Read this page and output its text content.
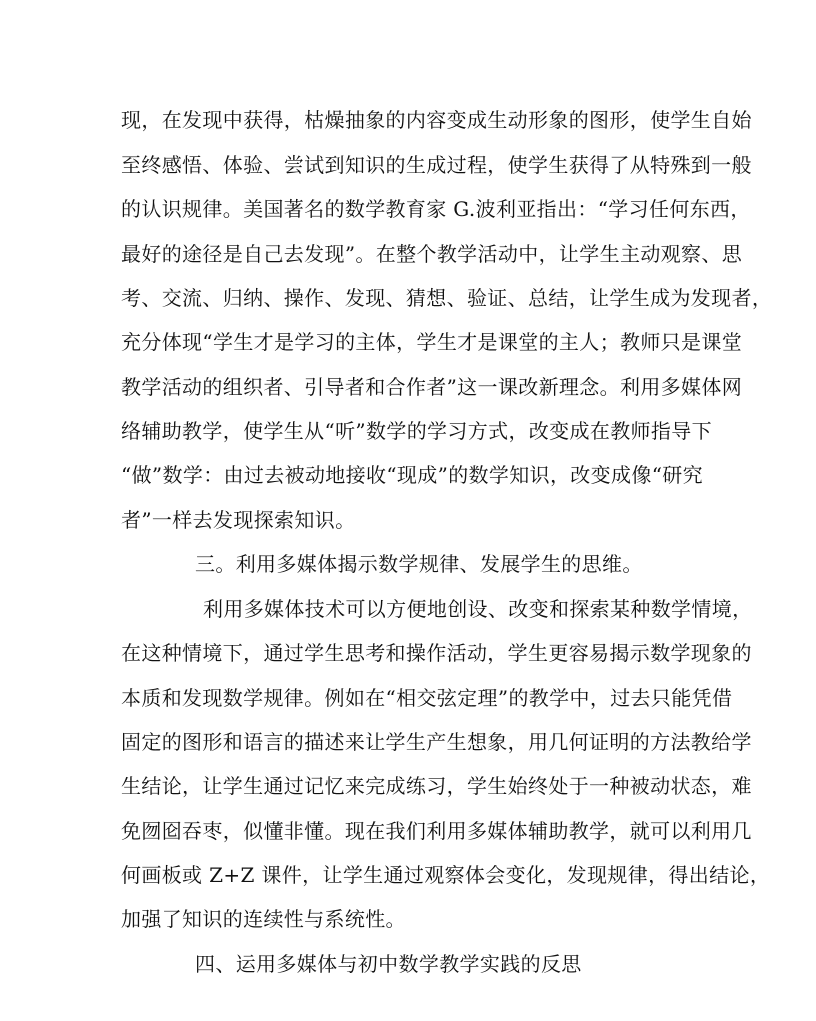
现，在发现中获得，枯燥抽象的内容变成生动形象的图形，使学生自始
至终感悟、体验、尝试到知识的生成过程，使学生获得了从特殊到一般
的认识规律。美国著名的数学教育家 G.波利亚指出：“学习任何东西，
最好的途径是自己去发现”。在整个教学活动中，让学生主动观察、思
考、交流、归纳、操作、发现、猜想、验证、总结，让学生成为发现者，
充分体现“学生才是学习的主体，学生才是课堂的主人；教师只是课堂
教学活动的组织者、引导者和合作者”这一课改新理念。利用多媒体网
络辅助教学，使学生从“听”数学的学习方式，改变成在教师指导下
“做”数学：由过去被动地接收“现成”的数学知识，改变成像“研究
者”一样去发现探索知识。
三。利用多媒体揭示数学规律、发展学生的思维。
利用多媒体技术可以方便地创设、改变和探索某种数学情境，
在这种情境下，通过学生思考和操作活动，学生更容易揭示数学现象的
本质和发现数学规律。例如在“相交弦定理”的教学中，过去只能凭借
固定的图形和语言的描述来让学生产生想象，用几何证明的方法教给学
生结论，让学生通过记忆来完成练习，学生始终处于一种被动状态，难
免囫囵吞枣，似懂非懂。现在我们利用多媒体辅助教学，就可以利用几
何画板或 Z+Z 课件，让学生通过观察体会变化，发现规律，得出结论，
加强了知识的连续性与系统性。
四、运用多媒体与初中数学教学实践的反思
